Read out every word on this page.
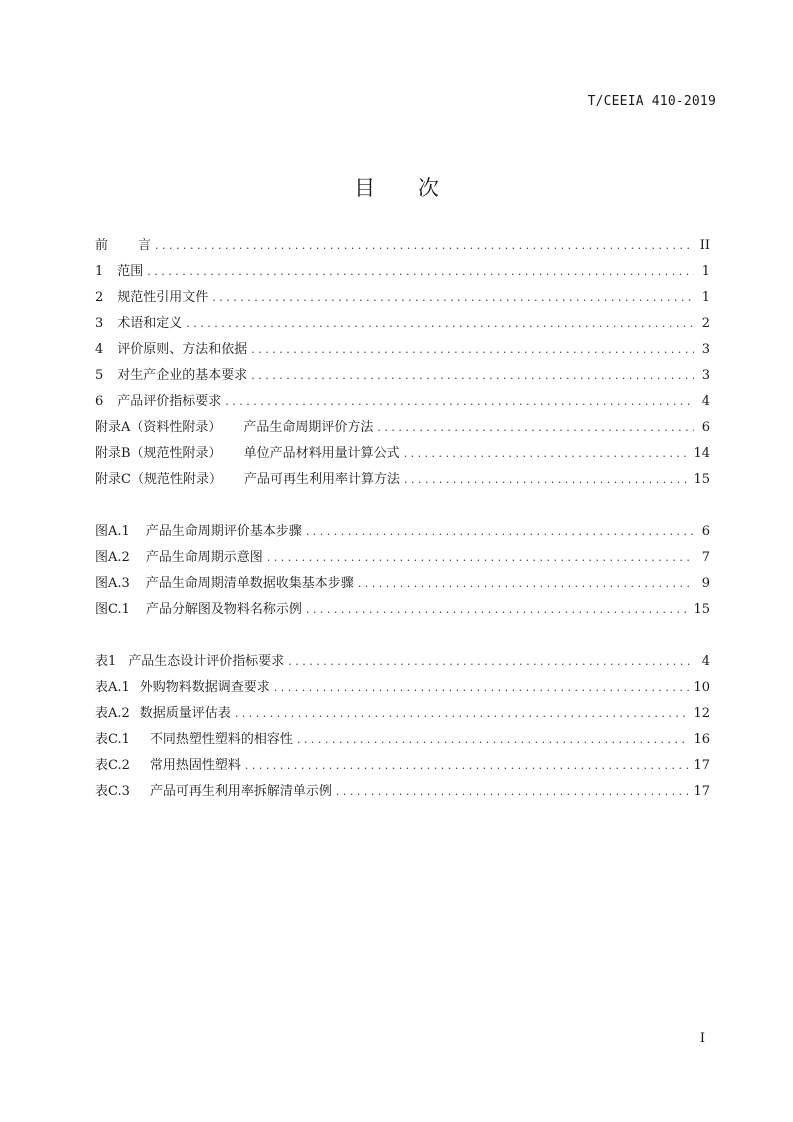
T/CEEIA 410-2019
目 次
前 言 . . .	II
1 范围 . . .	1
2 规范性引用文件 . . .	1
3 术语和定义 . . .	2
4 评价原则、方法和依据 . . .	3
5 对生产企业的基本要求 . . .	3
6 产品评价指标要求 . . .	4
附录A（资料性附录） 产品生命周期评价方法 . . .	6
附录B（规范性附录） 单位产品材料用量计算公式 . . .	14
附录C（规范性附录） 产品可再生利用率计算方法 . . .	15
图A.1 产品生命周期评价基本步骤 . . .	6
图A.2 产品生命周期示意图 . . .	7
图A.3 产品生命周期清单数据收集基本步骤 . . .	9
图C.1 产品分解图及物料名称示例 . . .	15
表1 产品生态设计评价指标要求 . . .	4
表A.1 外购物料数据调查要求 . . .	10
表A.2 数据质量评估表 . . .	12
表C.1 不同热塑性塑料的相容性 . . .	16
表C.2 常用热固性塑料 . . .	17
表C.3 产品可再生利用率拆解清单示例 . . .	17
I
